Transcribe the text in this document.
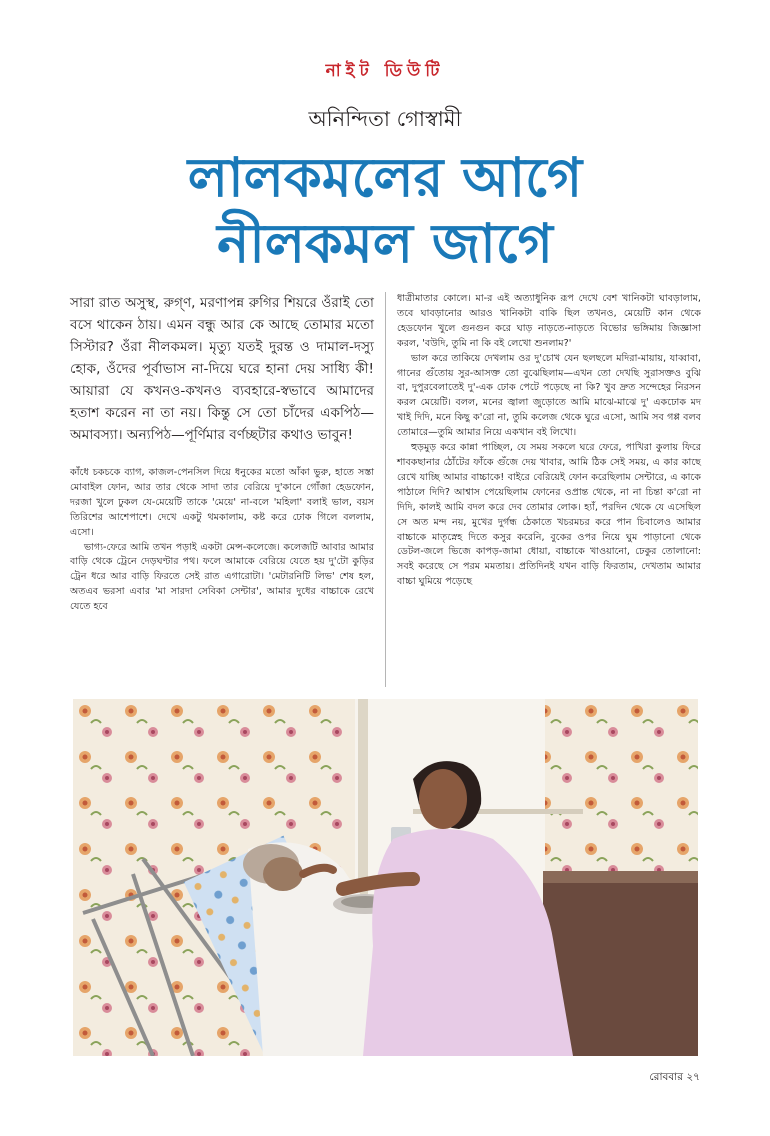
নাইট ডিউটি
অনিন্দিতা গোস্বামী
লালকমলের আগে
নীলকমল জাগে

সারা রাত অসুস্থ, রুগ্ণ, মরণাপন্ন রুগির শিয়রে ওঁরাই তো বসে থাকেন ঠায়। এমন বন্ধু আর কে আছে তোমার মতো সিস্টার? ওঁরা নীলকমল। মৃত্যু যতই দুরন্ত ও দামাল-দস্যু হোক, ওঁদের পূর্বাভাস না-দিয়ে ঘরে হানা দেয় সাধ্যি কী! আয়ারা যে কখনও-কখনও ব্যবহারে-স্বভাবে আমাদের হতাশ করেন না তা নয়। কিন্তু সে তো চাঁদের একপিঠ—অমাবস্যা। অন্যপিঠ—পূর্ণিমার বর্ণচ্ছটার কথাও ভাবুন!

কাঁধে চকচকে ব্যাগ, কাজল-পেনসিল দিয়ে ধনুকের মতো আঁকা ভুরু, হাতে সস্তা মোবাইল ফোন, আর তার থেকে সাদা তার বেরিয়ে দু'কানে গোঁজা হেডফোন, দরজা খুলে ঢুকল যে-মেয়েটি তাকে 'মেয়ে' না-বলে 'মহিলা' বলাই ভাল, বয়স তিরিশের আশেপাশে। দেখে একটু থমকালাম, কষ্ট করে ঢোক গিলে বললাম, এসো।

ভাগ্য-ফেরে আমি তখন পড়াই একটা মেন্স-কলেজে। কলেজটি আবার আমার বাড়ি থেকে ট্রেনে দেড়ঘণ্টার পথ। ফলে আমাকে বেরিয়ে যেতে হয় দু'টো কুড়ির ট্রেন ধরে আর বাড়ি ফিরতে সেই রাত এগারোটা। 'মেটারনিটি লিভ' শেষ হল, অতএব ভরসা এবার 'মা সারদা সেবিকা সেন্টার', আমার দুধের বাচ্চাকে রেখে যেতে হবে

ধাত্রীমাতার কোলে। মা-র এই অত্যাধুনিক রূপ দেখে বেশ খানিকটা ঘাবড়ালাম, তবে ঘাবড়ানোর আরও খানিকটা বাকি ছিল তখনও, মেয়েটি কান থেকে হেডফোন খুলে গুনগুন করে ঘাড় নাড়তে-নাড়তে বিভোর ভঙ্গিমায় জিজ্ঞাসা করল, 'বউদি, তুমি না কি বই লেখো শুনলাম?'

ভাল করে তাকিয়ে দেখলাম ওর দু'চোখ যেন ছলছলে মদিরা-মায়ায়, যাব্বাবা, গানের গুঁতোয় সুর-আসক্ত তো বুঝেছিলাম—এখন তো দেখছি সুরাসক্তও বুঝি বা, দুপুরবেলাতেই দু'-এক ঢোক পেটে পড়েছে না কি? খুব দ্রুত সন্দেহের নিরসন করল মেয়েটি। বলল, মনের জ্বালা জুড়োতে আমি মাঝে-মাঝে দু' একঢোক মদ খাই দিদি, মনে কিছু ক'রো না, তুমি কলেজ থেকে ঘুরে এসো, আমি সব গপ্প বলব তোমারে—তুমি আমার নিয়ে একখান বই লিখো।

হুড়মুড় করে কান্না পাচ্ছিল, যে সময় সকলে ঘরে ফেরে, পাখিরা কুলায় ফিরে শাবকছানার ঠোঁটের ফাঁকে গুঁজে দেয় খাবার, আমি ঠিক সেই সময়, এ কার কাছে রেখে যাচ্ছি আমার বাচ্চাকে! বাইরে বেরিয়েই ফোন করেছিলাম সেন্টারে, এ কাকে পাঠালে দিদি? আশ্বাস পেয়েছিলাম ফোনের ওপ্রান্ত থেকে, না না চিন্তা ক'রো না দিদি, কালই আমি বদল করে দেব তোমার লোক। হ্যাঁ, পরদিন থেকে যে এসেছিল সে অত মন্দ নয়, মুখের দুর্গন্ধ ঠেকাতে খচরমচর করে পান চিবালেও আমার বাচ্চাকে মাতৃস্নেহ দিতে কসুর করেনি, বুকের ওপর নিয়ে ঘুম পাড়ানো থেকে ডেটল-জলে ভিজে কাপড়-জামা ধোয়া, বাচ্চাকে খাওয়ানো, ঢেকুর তোলানো: সবই করেছে সে পরম মমতায়। প্রতিদিনই যখন বাড়ি ফিরতাম, দেখতাম আমার বাচ্চা ঘুমিয়ে পড়েছে

রোববার ২৭
